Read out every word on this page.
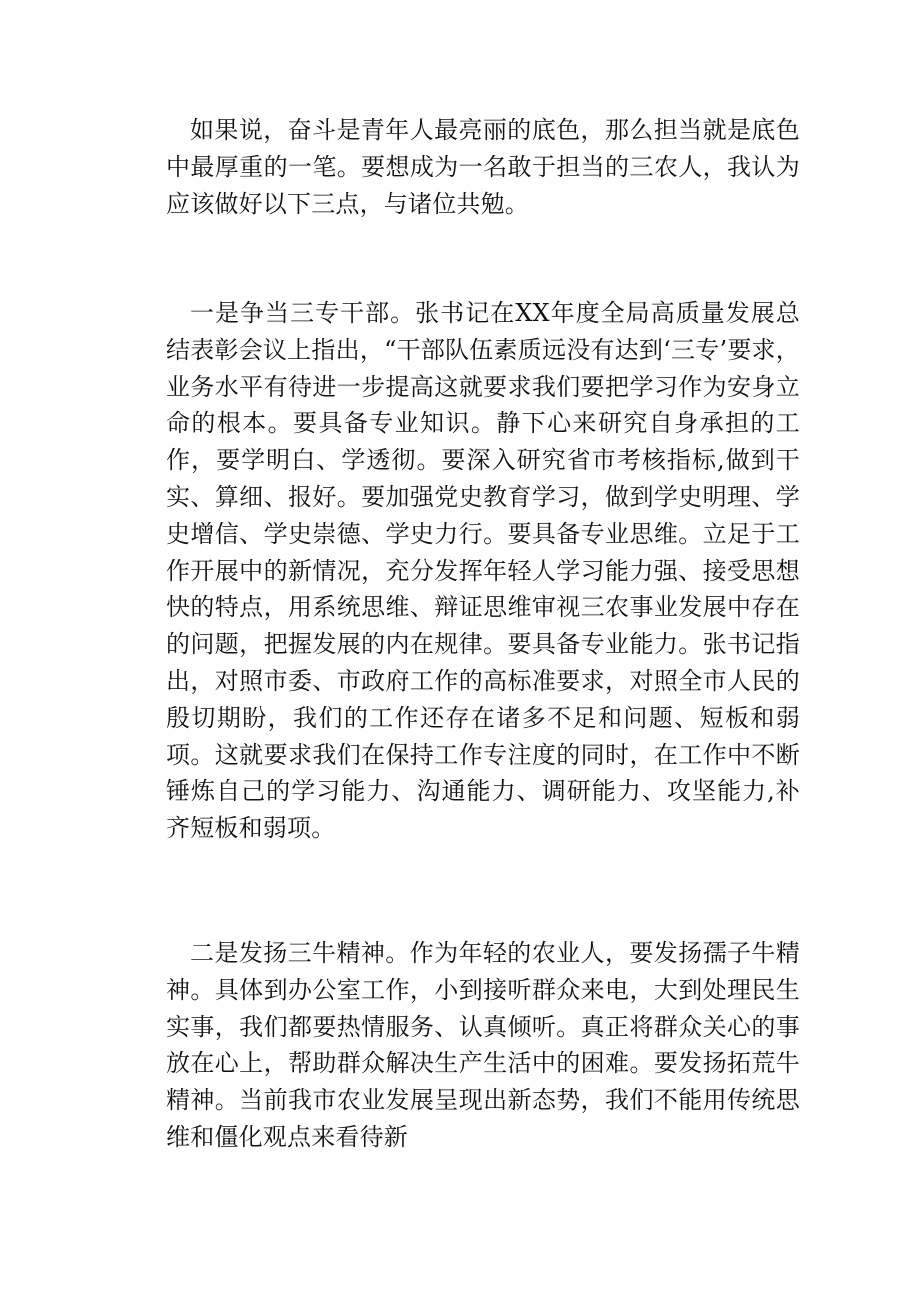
如果说，奋斗是青年人最亮丽的底色，那么担当就是底色中最厚重的一笔。要想成为一名敢于担当的三农人，我认为应该做好以下三点，与诸位共勉。

一是争当三专干部。张书记在XX年度全局高质量发展总结表彰会议上指出，“干部队伍素质远没有达到‘三专’要求，业务水平有待进一步提高这就要求我们要把学习作为安身立命的根本。要具备专业知识。静下心来研究自身承担的工作，要学明白、学透彻。要深入研究省市考核指标,做到干实、算细、报好。要加强党史教育学习，做到学史明理、学史增信、学史崇德、学史力行。要具备专业思维。立足于工作开展中的新情况，充分发挥年轻人学习能力强、接受思想快的特点，用系统思维、辩证思维审视三农事业发展中存在的问题，把握发展的内在规律。要具备专业能力。张书记指出，对照市委、市政府工作的高标准要求，对照全市人民的殷切期盼，我们的工作还存在诸多不足和问题、短板和弱项。这就要求我们在保持工作专注度的同时，在工作中不断锤炼自己的学习能力、沟通能力、调研能力、攻坚能力,补齐短板和弱项。

二是发扬三牛精神。作为年轻的农业人，要发扬孺子牛精神。具体到办公室工作，小到接听群众来电，大到处理民生实事，我们都要热情服务、认真倾听。真正将群众关心的事放在心上，帮助群众解决生产生活中的困难。要发扬拓荒牛精神。当前我市农业发展呈现出新态势，我们不能用传统思维和僵化观点来看待新
